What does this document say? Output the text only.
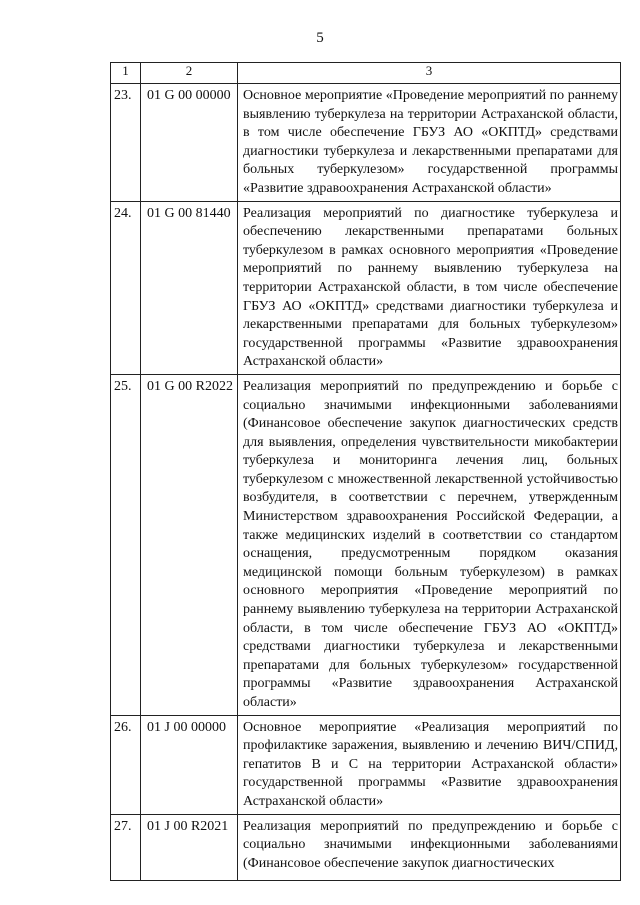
5
1	2	3
23.	01 G 00 00000	Основное мероприятие «Проведение мероприятий по раннему выявлению туберкулеза на территории Астраханской области, в том числе обеспечение ГБУЗ АО «ОКПТД» средствами диагностики туберкулеза и лекарственными препаратами для больных туберкулезом» государственной программы «Развитие здравоохранения Астраханской области»
24.	01 G 00 81440	Реализация мероприятий по диагностике туберкулеза и обеспечению лекарственными препаратами больных туберкулезом в рамках основного мероприятия «Проведение мероприятий по раннему выявлению туберкулеза на территории Астраханской области, в том числе обеспечение ГБУЗ АО «ОКПТД» средствами диагностики туберкулеза и лекарственными препаратами для больных туберкулезом» государственной программы «Развитие здравоохранения Астраханской области»
25.	01 G 00 R2022	Реализация мероприятий по предупреждению и борьбе с социально значимыми инфекционными заболеваниями (Финансовое обеспечение закупок диагностических средств для выявления, определения чувствительности микобактерии туберкулеза и мониторинга лечения лиц, больных туберкулезом с множественной лекарственной устойчивостью возбудителя, в соответствии с перечнем, утвержденным Министерством здравоохранения Российской Федерации, а также медицинских изделий в соответствии со стандартом оснащения, предусмотренным порядком оказания медицинской помощи больным туберкулезом) в рамках основного мероприятия «Проведение мероприятий по раннему выявлению туберкулеза на территории Астраханской области, в том числе обеспечение ГБУЗ АО «ОКПТД» средствами диагностики туберкулеза и лекарственными препаратами для больных туберкулезом» государственной программы «Развитие здравоохранения Астраханской области»
26.	01 J 00 00000	Основное мероприятие «Реализация мероприятий по профилактике заражения, выявлению и лечению ВИЧ/СПИД, гепатитов В и С на территории Астраханской области» государственной программы «Развитие здравоохранения Астраханской области»
27.	01 J 00 R2021	Реализация мероприятий по предупреждению и борьбе с социально значимыми инфекционными заболеваниями (Финансовое обеспечение закупок диагностических
